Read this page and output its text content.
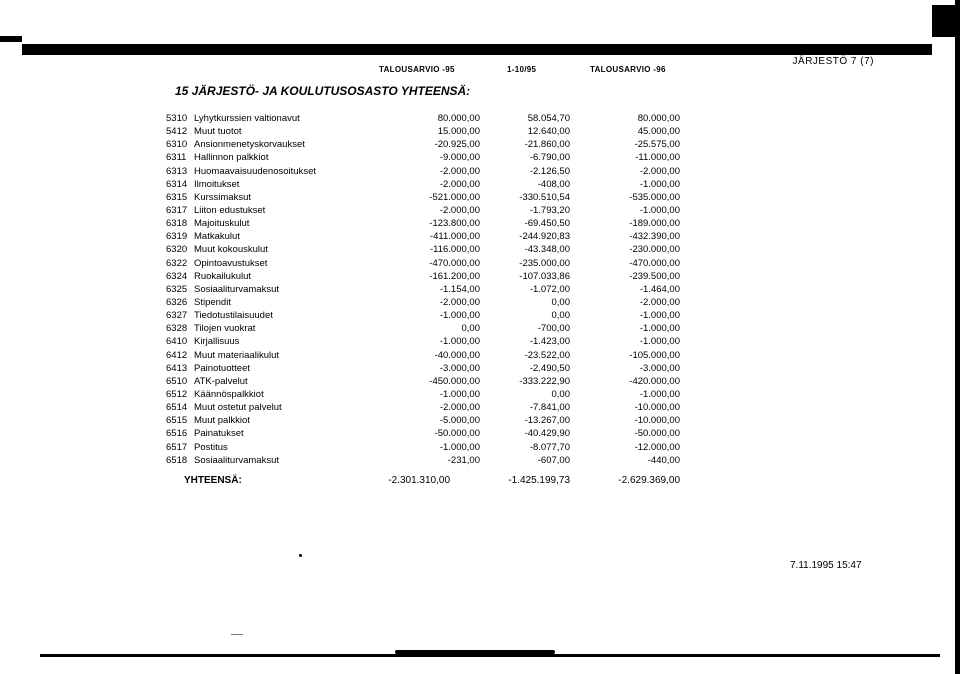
TALOUSARVIO -95	1-10/95	TALOUSARVIO -96
JÄRJESTÖ 7 (7)
15 JÄRJESTÖ- JA KOULUTUSOSASTO YHTEENSÄ:
5310 Lyhytkurssien valtionavut	80.000,00	58.054,70	80.000,00
5412 Muut tuotot	15.000,00	12.640,00	45.000,00
6310 Ansionmenetyskorvaukset	-20.925,00	-21.860,00	-25.575,00
6311 Hallinnon palkkiot	-9.000,00	-6.790,00	-11.000,00
6313 Huomaavaisuudenosoitukset	-2.000,00	-2.126,50	-2.000,00
6314 Ilmoitukset	-2.000,00	-408,00	-1.000,00
6315 Kurssimaksut	-521.000,00	-330.510,54	-535.000,00
6317 Liiton edustukset	-2.000,00	-1.793,20	-1.000,00
6318 Majoituskulut	-123.800,00	-69.450,50	-189.000,00
6319 Matkakulut	-411.000,00	-244.920,83	-432.390,00
6320 Muut kokouskulut	-116.000,00	-43.348,00	-230.000,00
6322 Opintoavustukset	-470.000,00	-235.000,00	-470.000,00
6324 Ruokailukulut	-161.200,00	-107.033,86	-239.500,00
6325 Sosiaaliturvamaksut	-1.154,00	-1.072,00	-1.464,00
6326 Stipendit	-2.000,00	0,00	-2.000,00
6327 Tiedotustilaisuudet	-1.000,00	0,00	-1.000,00
6328 Tilojen vuokrat	0,00	-700,00	-1.000,00
6410 Kirjallisuus	-1.000,00	-1.423,00	-1.000,00
6412 Muut materiaalikulut	-40.000,00	-23.522,00	-105.000,00
6413 Painotuotteet	-3.000,00	-2.490,50	-3.000,00
6510 ATK-palvelut	-450.000,00	-333.222,90	-420.000,00
6512 Käännöspalkkiot	-1.000,00	0,00	-1.000,00
6514 Muut ostetut palvelut	-2.000,00	-7.841,00	-10.000,00
6515 Muut palkkiot	-5.000,00	-13.267,00	-10.000,00
6516 Painatukset	-50.000,00	-40.429,90	-50.000,00
6517 Postitus	-1.000,00	-8.077,70	-12.000,00
6518 Sosiaaliturvamaksut	-231,00	-607,00	-440,00
YHTEENSÄ:	-2.301.310,00	-1.425.199,73	-2.629.369,00
7.11.1995 15:47
